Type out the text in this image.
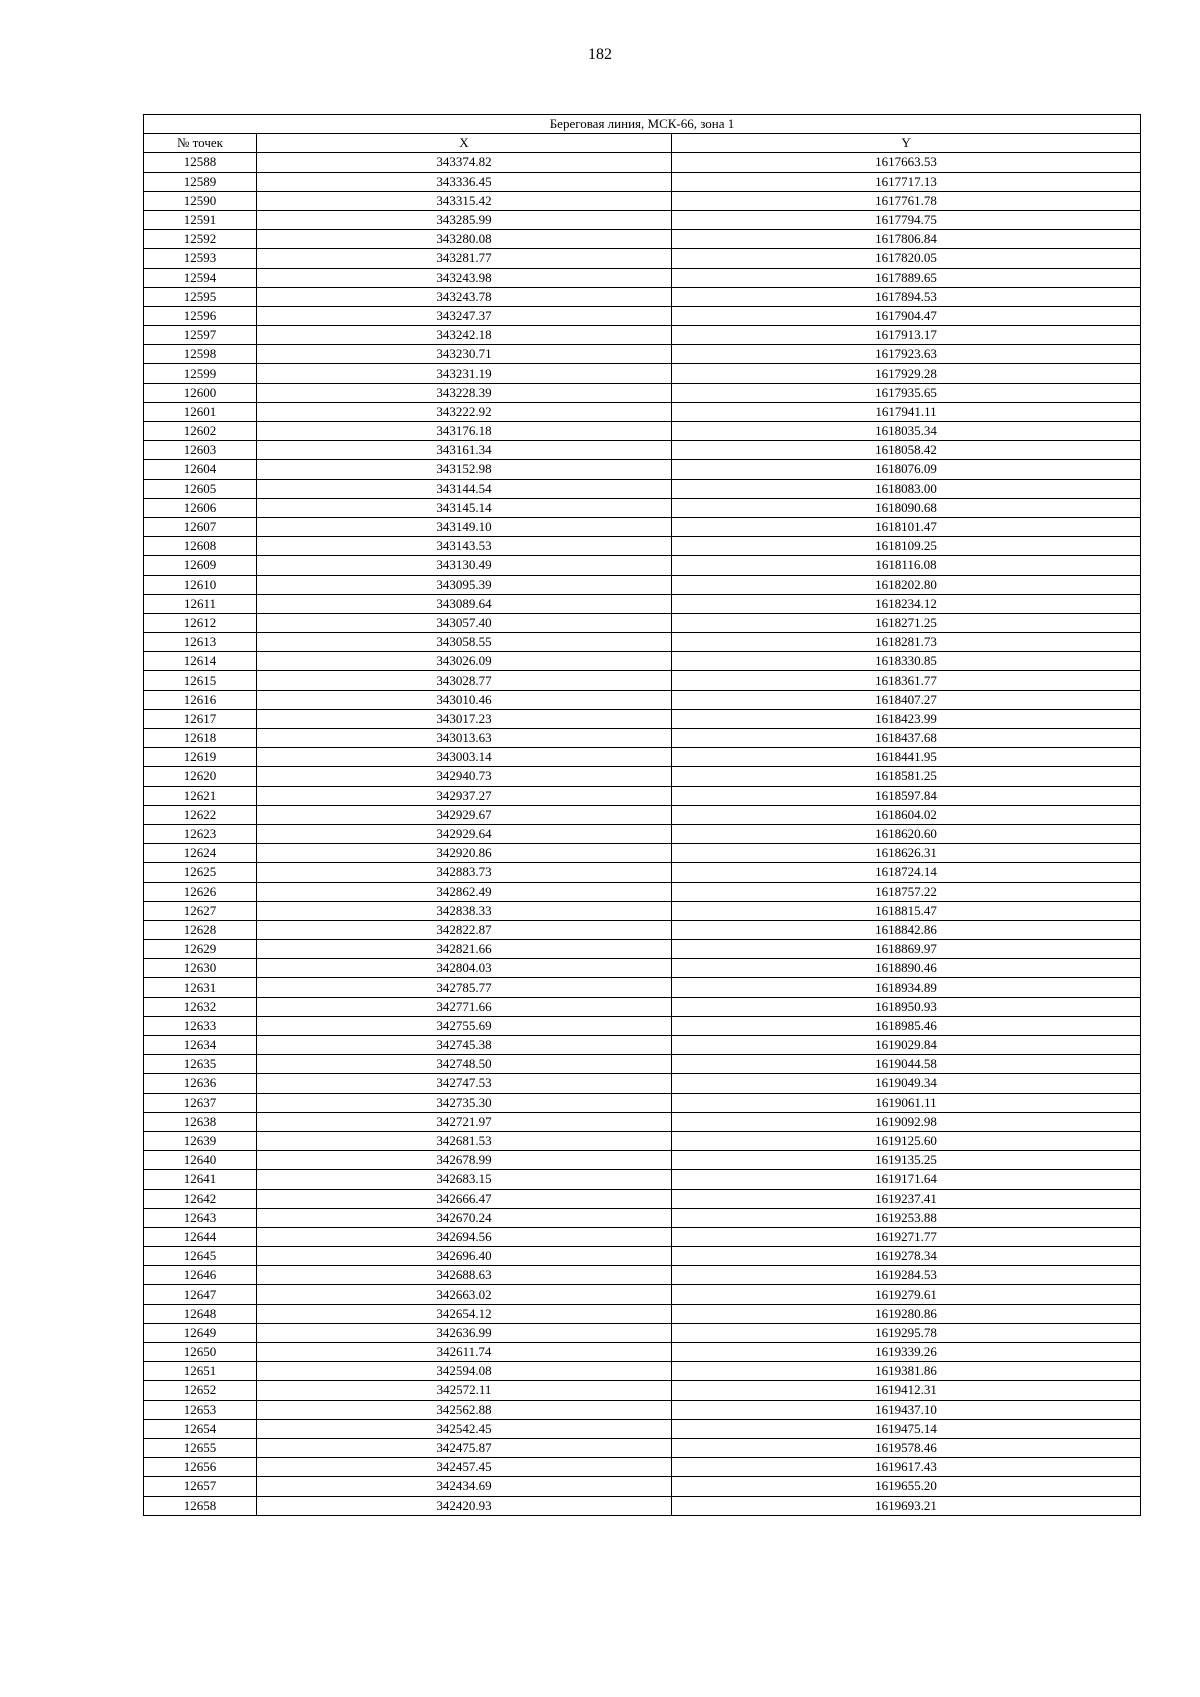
182
Береговая линия, МСК-66, зона 1		
№ точек	X	Y
12588	343374.82	1617663.53
12589	343336.45	1617717.13
12590	343315.42	1617761.78
12591	343285.99	1617794.75
12592	343280.08	1617806.84
12593	343281.77	1617820.05
12594	343243.98	1617889.65
12595	343243.78	1617894.53
12596	343247.37	1617904.47
12597	343242.18	1617913.17
12598	343230.71	1617923.63
12599	343231.19	1617929.28
12600	343228.39	1617935.65
12601	343222.92	1617941.11
12602	343176.18	1618035.34
12603	343161.34	1618058.42
12604	343152.98	1618076.09
12605	343144.54	1618083.00
12606	343145.14	1618090.68
12607	343149.10	1618101.47
12608	343143.53	1618109.25
12609	343130.49	1618116.08
12610	343095.39	1618202.80
12611	343089.64	1618234.12
12612	343057.40	1618271.25
12613	343058.55	1618281.73
12614	343026.09	1618330.85
12615	343028.77	1618361.77
12616	343010.46	1618407.27
12617	343017.23	1618423.99
12618	343013.63	1618437.68
12619	343003.14	1618441.95
12620	342940.73	1618581.25
12621	342937.27	1618597.84
12622	342929.67	1618604.02
12623	342929.64	1618620.60
12624	342920.86	1618626.31
12625	342883.73	1618724.14
12626	342862.49	1618757.22
12627	342838.33	1618815.47
12628	342822.87	1618842.86
12629	342821.66	1618869.97
12630	342804.03	1618890.46
12631	342785.77	1618934.89
12632	342771.66	1618950.93
12633	342755.69	1618985.46
12634	342745.38	1619029.84
12635	342748.50	1619044.58
12636	342747.53	1619049.34
12637	342735.30	1619061.11
12638	342721.97	1619092.98
12639	342681.53	1619125.60
12640	342678.99	1619135.25
12641	342683.15	1619171.64
12642	342666.47	1619237.41
12643	342670.24	1619253.88
12644	342694.56	1619271.77
12645	342696.40	1619278.34
12646	342688.63	1619284.53
12647	342663.02	1619279.61
12648	342654.12	1619280.86
12649	342636.99	1619295.78
12650	342611.74	1619339.26
12651	342594.08	1619381.86
12652	342572.11	1619412.31
12653	342562.88	1619437.10
12654	342542.45	1619475.14
12655	342475.87	1619578.46
12656	342457.45	1619617.43
12657	342434.69	1619655.20
12658	342420.93	1619693.21
